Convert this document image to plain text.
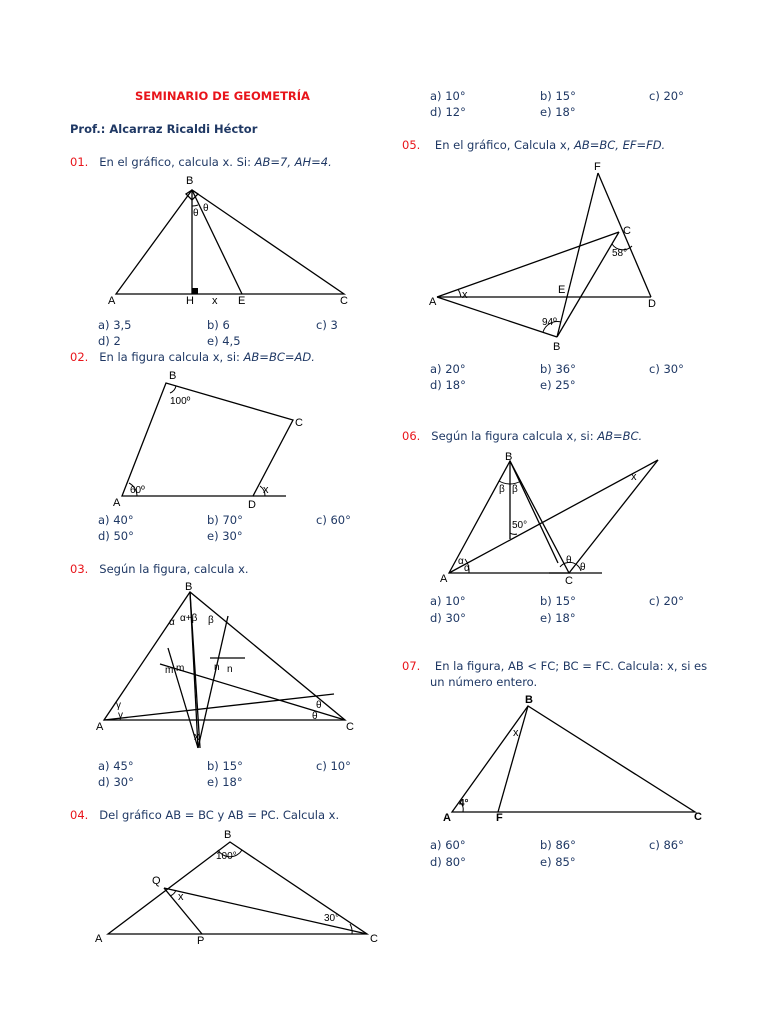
SEMINARIO DE GEOMETRÍA
Prof.: Alcarraz Ricaldi Héctor
a) 10°	b) 15°	c) 20°
d) 12°	e) 18°
01. En el gráfico, calcula x. Si: AB=7, AH=4.
A
B
C
H	E
x
θ θ
a) 3,5	b) 6	c) 3
d) 2	e) 4,5
02. En la figura calcula x, si: AB=BC=AD.
A
B
C
D
x
100º
60º
a) 40°	b) 70°	c) 60°
d) 50°	e) 30°
03. Según la figura, calcula x.
A
B
C
x
α α+β β
m m	n n
γ
γ
θ
θ
a) 45°	b) 15°	c) 10°
d) 30°	e) 18°
04. Del gráfico AB = BC y AB = PC. Calcula x.
A
B
C
P
Q
x
100°
30°
05. En el gráfico, Calcula x, AB=BC, EF=FD.
A
B
C
D
E
F
x
58°
94º
a) 20°	b) 36°	c) 30°
d) 18°	e) 25°
06. Según la figura calcula x, si: AB=BC.
A
B
C
x
β β
50°
α
α
θ
θ
a) 10°	b) 15°	c) 20°
d) 30°	e) 18°
07. En la figura, AB < FC; BC = FC. Calcula: x, si es
un número entero.
A
B
C
F
x
4°
a) 60°	b) 86°	c) 86°
d) 80°	e) 85°
